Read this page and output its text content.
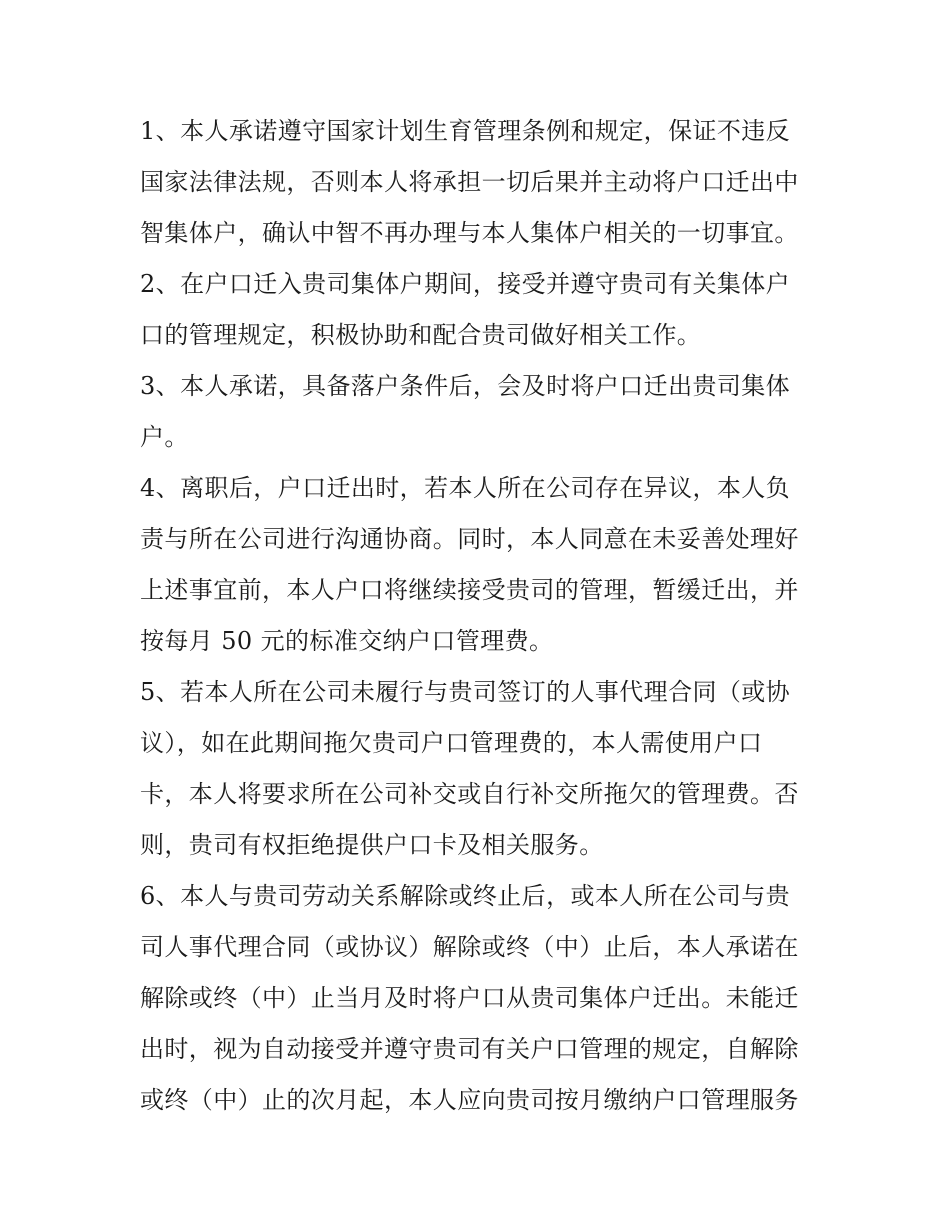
1、本人承诺遵守国家计划生育管理条例和规定，保证不违反
国家法律法规，否则本人将承担一切后果并主动将户口迁出中
智集体户，确认中智不再办理与本人集体户相关的一切事宜。
2、在户口迁入贵司集体户期间，接受并遵守贵司有关集体户
口的管理规定，积极协助和配合贵司做好相关工作。
3、本人承诺，具备落户条件后，会及时将户口迁出贵司集体
户。
4、离职后，户口迁出时，若本人所在公司存在异议，本人负
责与所在公司进行沟通协商。同时，本人同意在未妥善处理好
上述事宜前，本人户口将继续接受贵司的管理，暂缓迁出，并
按每月 50 元的标准交纳户口管理费。
5、若本人所在公司未履行与贵司签订的人事代理合同（或协
议），如在此期间拖欠贵司户口管理费的，本人需使用户口
卡，本人将要求所在公司补交或自行补交所拖欠的管理费。否
则，贵司有权拒绝提供户口卡及相关服务。
6、本人与贵司劳动关系解除或终止后，或本人所在公司与贵
司人事代理合同（或协议）解除或终（中）止后，本人承诺在
解除或终（中）止当月及时将户口从贵司集体户迁出。未能迁
出时，视为自动接受并遵守贵司有关户口管理的规定，自解除
或终（中）止的次月起，本人应向贵司按月缴纳户口管理服务
